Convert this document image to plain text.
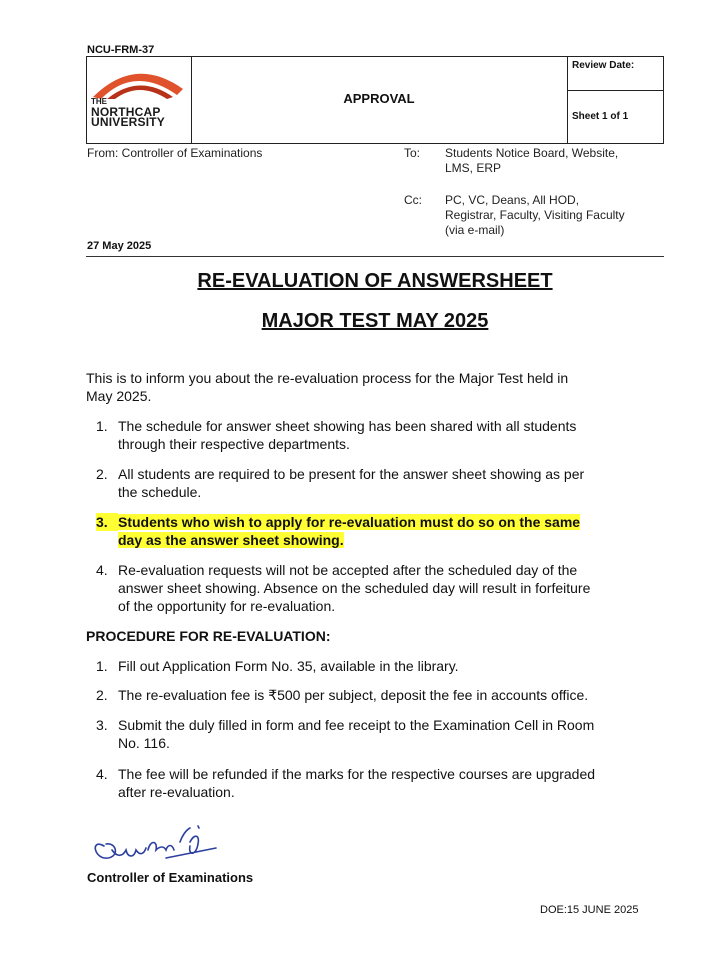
NCU-FRM-37
THE
NORTHCAP
UNIVERSITY
APPROVAL
Review Date:
Sheet 1 of 1
From: Controller of Examinations	To: Students Notice Board, Website,
LMS, ERP
Cc: PC, VC, Deans, All HOD,
Registrar, Faculty, Visiting Faculty
(via e-mail)
27 May 2025
RE-EVALUATION OF ANSWERSHEET
MAJOR TEST MAY 2025
This is to inform you about the re-evaluation process for the Major Test held in
May 2025.
1. The schedule for answer sheet showing has been shared with all students
through their respective departments.
2. All students are required to be present for the answer sheet showing as per
the schedule.
3. Students who wish to apply for re-evaluation must do so on the same
day as the answer sheet showing.
4. Re-evaluation requests will not be accepted after the scheduled day of the
answer sheet showing. Absence on the scheduled day will result in forfeiture
of the opportunity for re-evaluation.
PROCEDURE FOR RE-EVALUATION:
1. Fill out Application Form No. 35, available in the library.
2. The re-evaluation fee is ₹500 per subject, deposit the fee in accounts office.
3. Submit the duly filled in form and fee receipt to the Examination Cell in Room
No. 116.
4. The fee will be refunded if the marks for the respective courses are upgraded
after re-evaluation.
Controller of Examinations
DOE:15 JUNE 2025
